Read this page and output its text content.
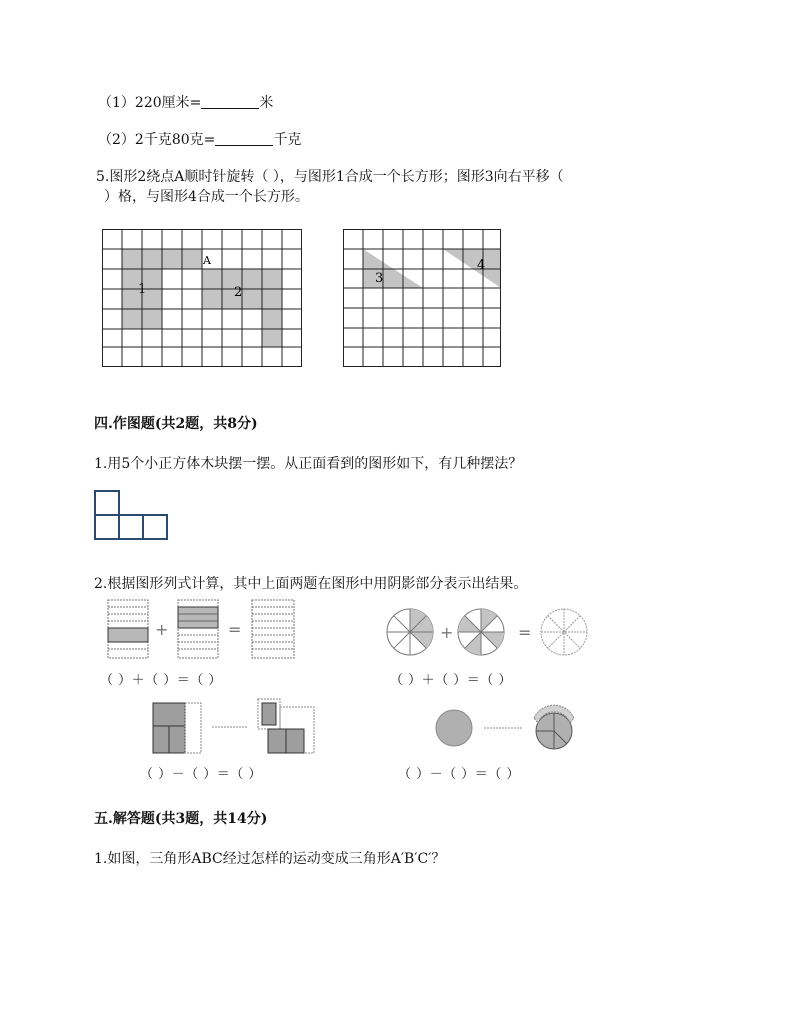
（1）220厘米=	米
（2）2千克80克=	千克
5.图形2绕点A顺时针旋转（ ），与图形1合成一个长方形；图形3向右平移（
）格，与图形4合成一个长方形。
A
1	2
3
4
四.作图题(共2题，共8分)
1.用5个小正方体木块摆一摆。从正面看到的图形如下，有几种摆法？
2.根据图形列式计算，其中上面两题在图形中用阴影部分表示出结果。
+	=
（ ）＋（ ）＝（ ）
+	=
（ ）＋（ ）＝（ ）
（ ）－（ ）＝（ ）	（ ）－（ ）＝（ ）
五.解答题(共3题，共14分)
1.如图，三角形ABC经过怎样的运动变成三角形A′B′C′？
